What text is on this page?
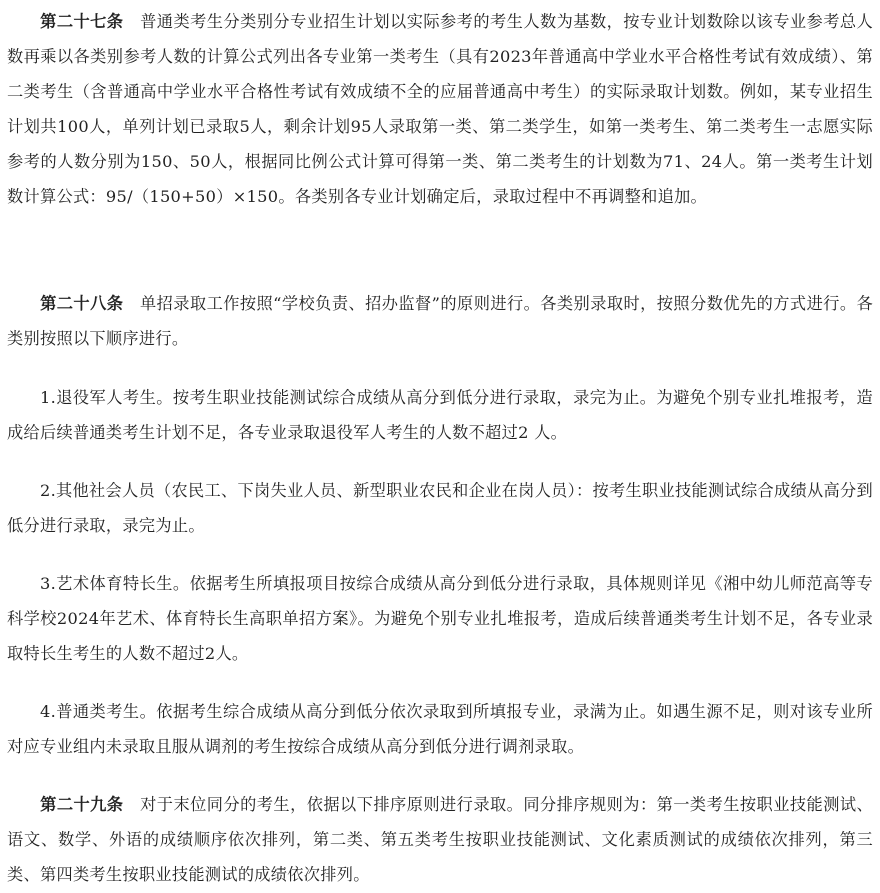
  第二十七条  普通类考生分类别分专业招生计划以实际参考的考生人数为基数，按专业计划数除以该专业参考总人数再乘以各类别参考人数的计算公式列出各专业第一类考生（具有2023年普通高中学业水平合格性考试有效成绩）、第二类考生（含普通高中学业水平合格性考试有效成绩不全的应届普通高中考生）的实际录取计划数。例如，某专业招生计划共100人，单列计划已录取5人，剩余计划95人录取第一类、第二类学生，如第一类考生、第二类考生一志愿实际参考的人数分别为150、50人，根据同比例公式计算可得第一类、第二类考生的计划数为71、24人。第一类考生计划数计算公式：95/（150+50）×150。各类别各专业计划确定后，录取过程中不再调整和追加。

  第二十八条  单招录取工作按照“学校负责、招办监督”的原则进行。各类别录取时，按照分数优先的方式进行。各类别按照以下顺序进行。

  1.退役军人考生。按考生职业技能测试综合成绩从高分到低分进行录取，录完为止。为避免个别专业扎堆报考，造成给后续普通类考生计划不足，各专业录取退役军人考生的人数不超过2 人。

  2.其他社会人员（农民工、下岗失业人员、新型职业农民和企业在岗人员）：按考生职业技能测试综合成绩从高分到低分进行录取，录完为止。

  3.艺术体育特长生。依据考生所填报项目按综合成绩从高分到低分进行录取，具体规则详见《湘中幼儿师范高等专科学校2024年艺术、体育特长生高职单招方案》。为避免个别专业扎堆报考，造成后续普通类考生计划不足，各专业录取特长生考生的人数不超过2人。

  4.普通类考生。依据考生综合成绩从高分到低分依次录取到所填报专业，录满为止。如遇生源不足，则对该专业所对应专业组内未录取且服从调剂的考生按综合成绩从高分到低分进行调剂录取。

  第二十九条  对于末位同分的考生，依据以下排序原则进行录取。同分排序规则为：第一类考生按职业技能测试、语文、数学、外语的成绩顺序依次排列，第二类、第五类考生按职业技能测试、文化素质测试的成绩依次排列，第三类、第四类考生按职业技能测试的成绩依次排列。
